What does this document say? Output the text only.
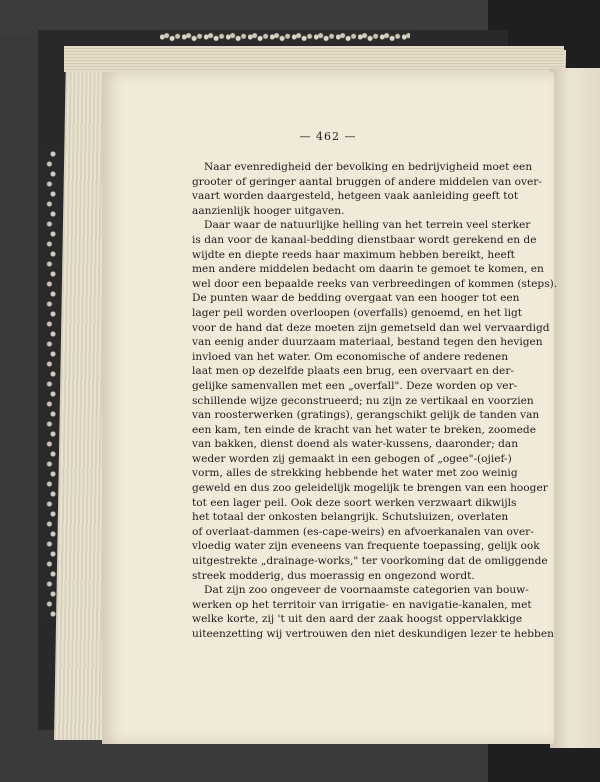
— 462 —
Naar evenredigheid der bevolking en bedrijvigheid moet een
grooter of geringer aantal bruggen of andere middelen van over-
vaart worden daargesteld, hetgeen vaak aanleiding geeft tot
aanzienlijk hooger uitgaven.
Daar waar de natuurlijke helling van het terrein veel sterker
is dan voor de kanaal-bedding dienstbaar wordt gerekend en de
wijdte en diepte reeds haar maximum hebben bereikt, heeft
men andere middelen bedacht om daarin te gemoet te komen, en
wel door een bepaalde reeks van verbreedingen of kommen (steps).
De punten waar de bedding overgaat van een hooger tot een
lager peil worden overloopen (overfalls) genoemd, en het ligt
voor de hand dat deze moeten zijn gemetseld dan wel vervaardigd
van eenig ander duurzaam materiaal, bestand tegen den hevigen
invloed van het water. Om economische of andere redenen
laat men op dezelfde plaats een brug, een overvaart en der-
gelijke samenvallen met een „overfall". Deze worden op ver-
schillende wijze geconstrueerd; nu zijn ze vertikaal en voorzien
van roosterwerken (gratings), gerangschikt gelijk de tanden van
een kam, ten einde de kracht van het water te breken, zoomede
van bakken, dienst doend als water-kussens, daaronder; dan
weder worden zij gemaakt in een gebogen of „ogee"-(ojief-)
vorm, alles de strekking hebbende het water met zoo weinig
geweld en dus zoo geleidelijk mogelijk te brengen van een hooger
tot een lager peil. Ook deze soort werken verzwaart dikwijls
het totaal der onkosten belangrijk. Schutsluizen, overlaten
of overlaat-dammen (es-cape-weirs) en afvoerkanalen van over-
vloedig water zijn eveneens van frequente toepassing, gelijk ook
uitgestrekte „drainage-works," ter voorkoming dat de omliggende
streek modderig, dus moerassig en ongezond wordt.
Dat zijn zoo ongeveer de voornaamste categorien van bouw-
werken op het territoir van irrigatie- en navigatie-kanalen, met
welke korte, zij 't uit den aard der zaak hoogst oppervlakkige
uiteenzetting wij vertrouwen den niet deskundigen lezer te hebben
